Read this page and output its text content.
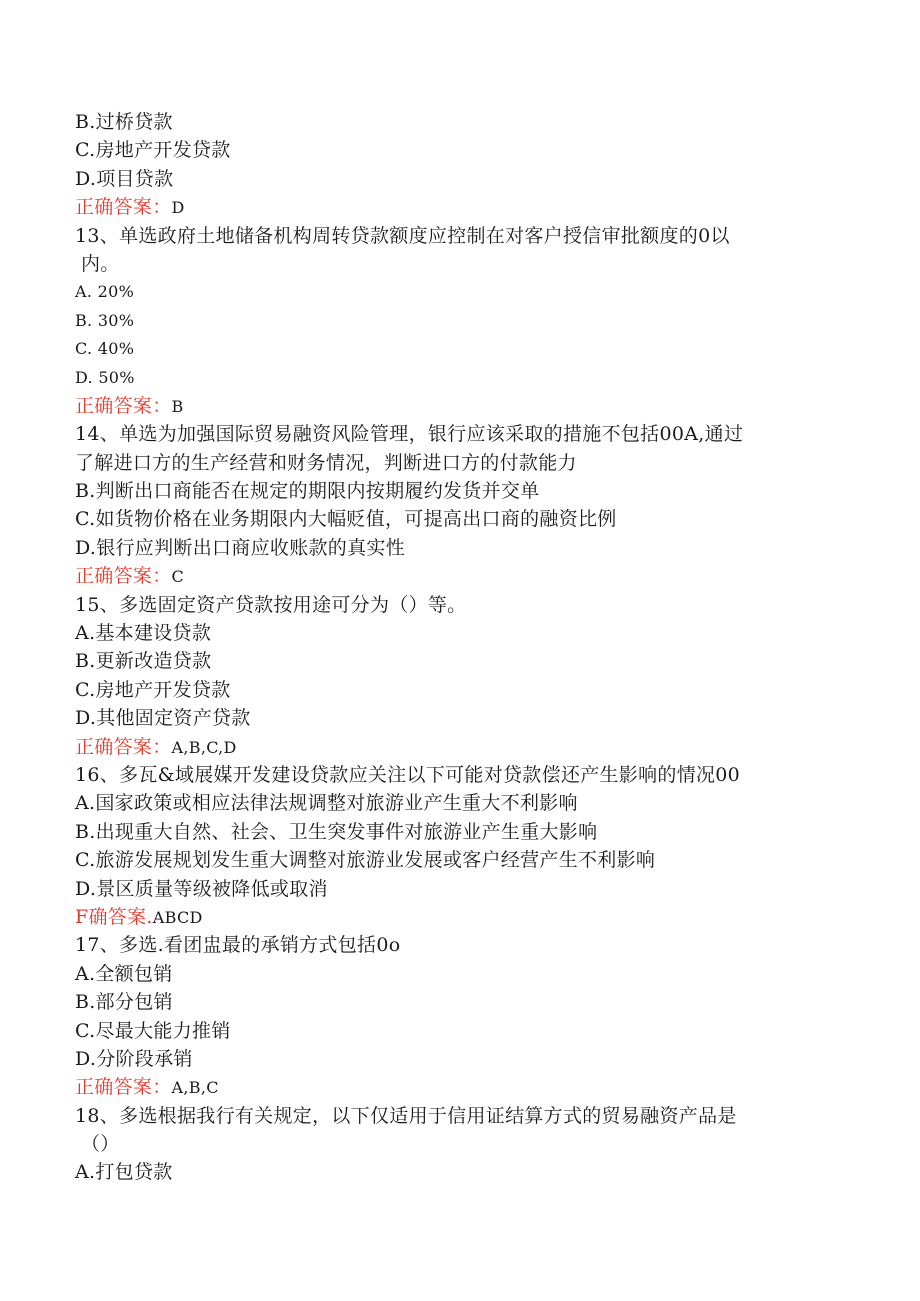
B.过桥贷款
C.房地产开发贷款
D.项目贷款
正确答案：D
13、单选政府土地储备机构周转贷款额度应控制在对客户授信审批额度的0以
内。
A. 20%
B. 30%
C. 40%
D. 50%
正确答案：B
14、单选为加强国际贸易融资风险管理，银行应该采取的措施不包括00A,通过
了解进口方的生产经营和财务情况，判断进口方的付款能力
B.判断出口商能否在规定的期限内按期履约发货并交单
C.如货物价格在业务期限内大幅贬值，可提高出口商的融资比例
D.银行应判断出口商应收账款的真实性
正确答案：C
15、多选固定资产贷款按用途可分为（）等。
A.基本建设贷款
B.更新改造贷款
C.房地产开发贷款
D.其他固定资产贷款
正确答案：A,B,C,D
16、多瓦&域展媒开发建设贷款应关注以下可能对贷款偿还产生影响的情况00
A.国家政策或相应法律法规调整对旅游业产生重大不利影响
B.出现重大自然、社会、卫生突发事件对旅游业产生重大影响
C.旅游发展规划发生重大调整对旅游业发展或客户经营产生不利影响
D.景区质量等级被降低或取消
F确答案.ABCD
17、多选.看团盅最的承销方式包括0o
A.全额包销
B.部分包销
C.尽最大能力推销
D.分阶段承销
正确答案：A,B,C
18、多选根据我行有关规定，以下仅适用于信用证结算方式的贸易融资产品是
（）
A.打包贷款
